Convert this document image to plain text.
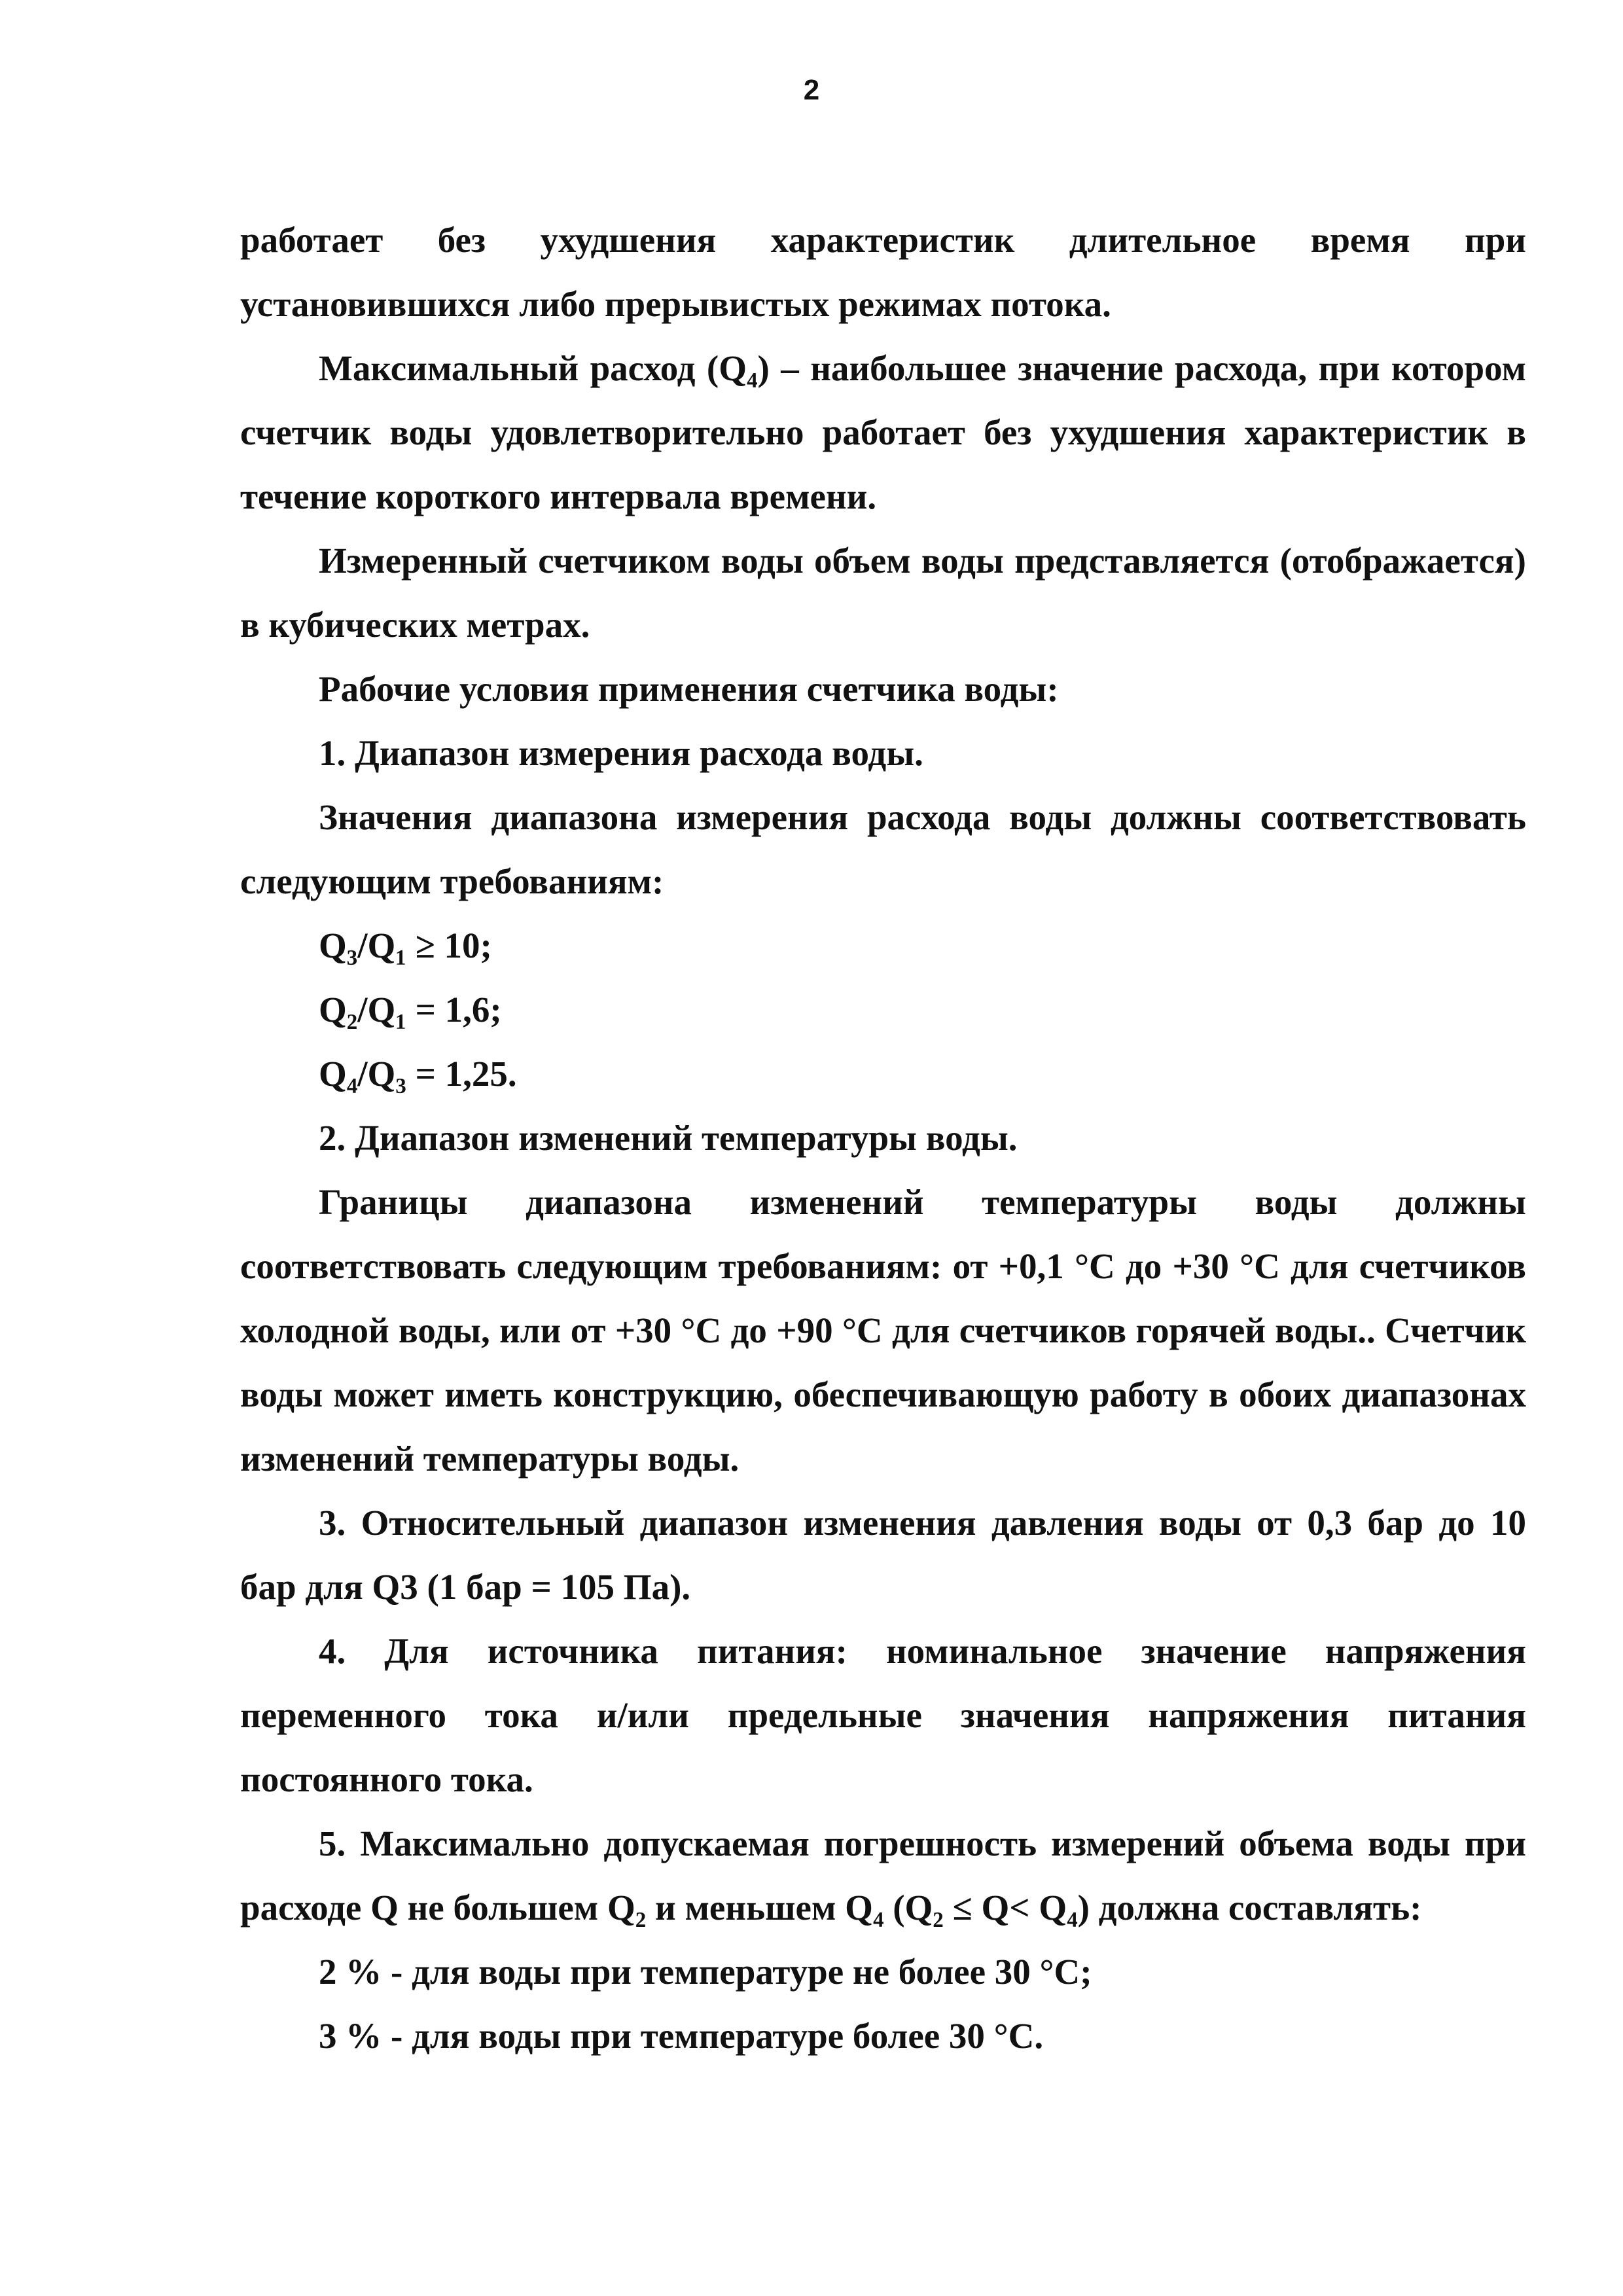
2

работает без ухудшения характеристик длительное время при установившихся либо прерывистых режимах потока.

Максимальный расход (Q₄) – наибольшее значение расхода, при котором счетчик воды удовлетворительно работает без ухудшения характеристик в течение короткого интервала времени.

Измеренный счетчиком воды объем воды представляется (отображается) в кубических метрах.

Рабочие условия применения счетчика воды:

1. Диапазон измерения расхода воды.

Значения диапазона измерения расхода воды должны соответствовать следующим требованиям:

Q₃/Q₁ ≥ 10;

Q₂/Q₁ = 1,6;

Q₄/Q₃ = 1,25.

2. Диапазон изменений температуры воды.

Границы диапазона изменений температуры воды должны соответствовать следующим требованиям: от +0,1 °С до +30 °С для счетчиков холодной воды, или от +30 °С до +90 °С для счетчиков горячей воды.. Счетчик воды может иметь конструкцию, обеспечивающую работу в обоих диапазонах изменений температуры воды.

3. Относительный диапазон изменения давления воды от 0,3 бар до 10 бар для Q3 (1 бар = 105 Па).

4. Для источника питания: номинальное значение напряжения переменного тока и/или предельные значения напряжения питания постоянного тока.

5. Максимально допускаемая погрешность измерений объема воды при расходе Q не большем Q₂ и меньшем Q₄ (Q₂ ≤ Q< Q₄) должна составлять:

2 % - для воды при температуре не более 30 °С;

3 % - для воды при температуре более 30 °С.
